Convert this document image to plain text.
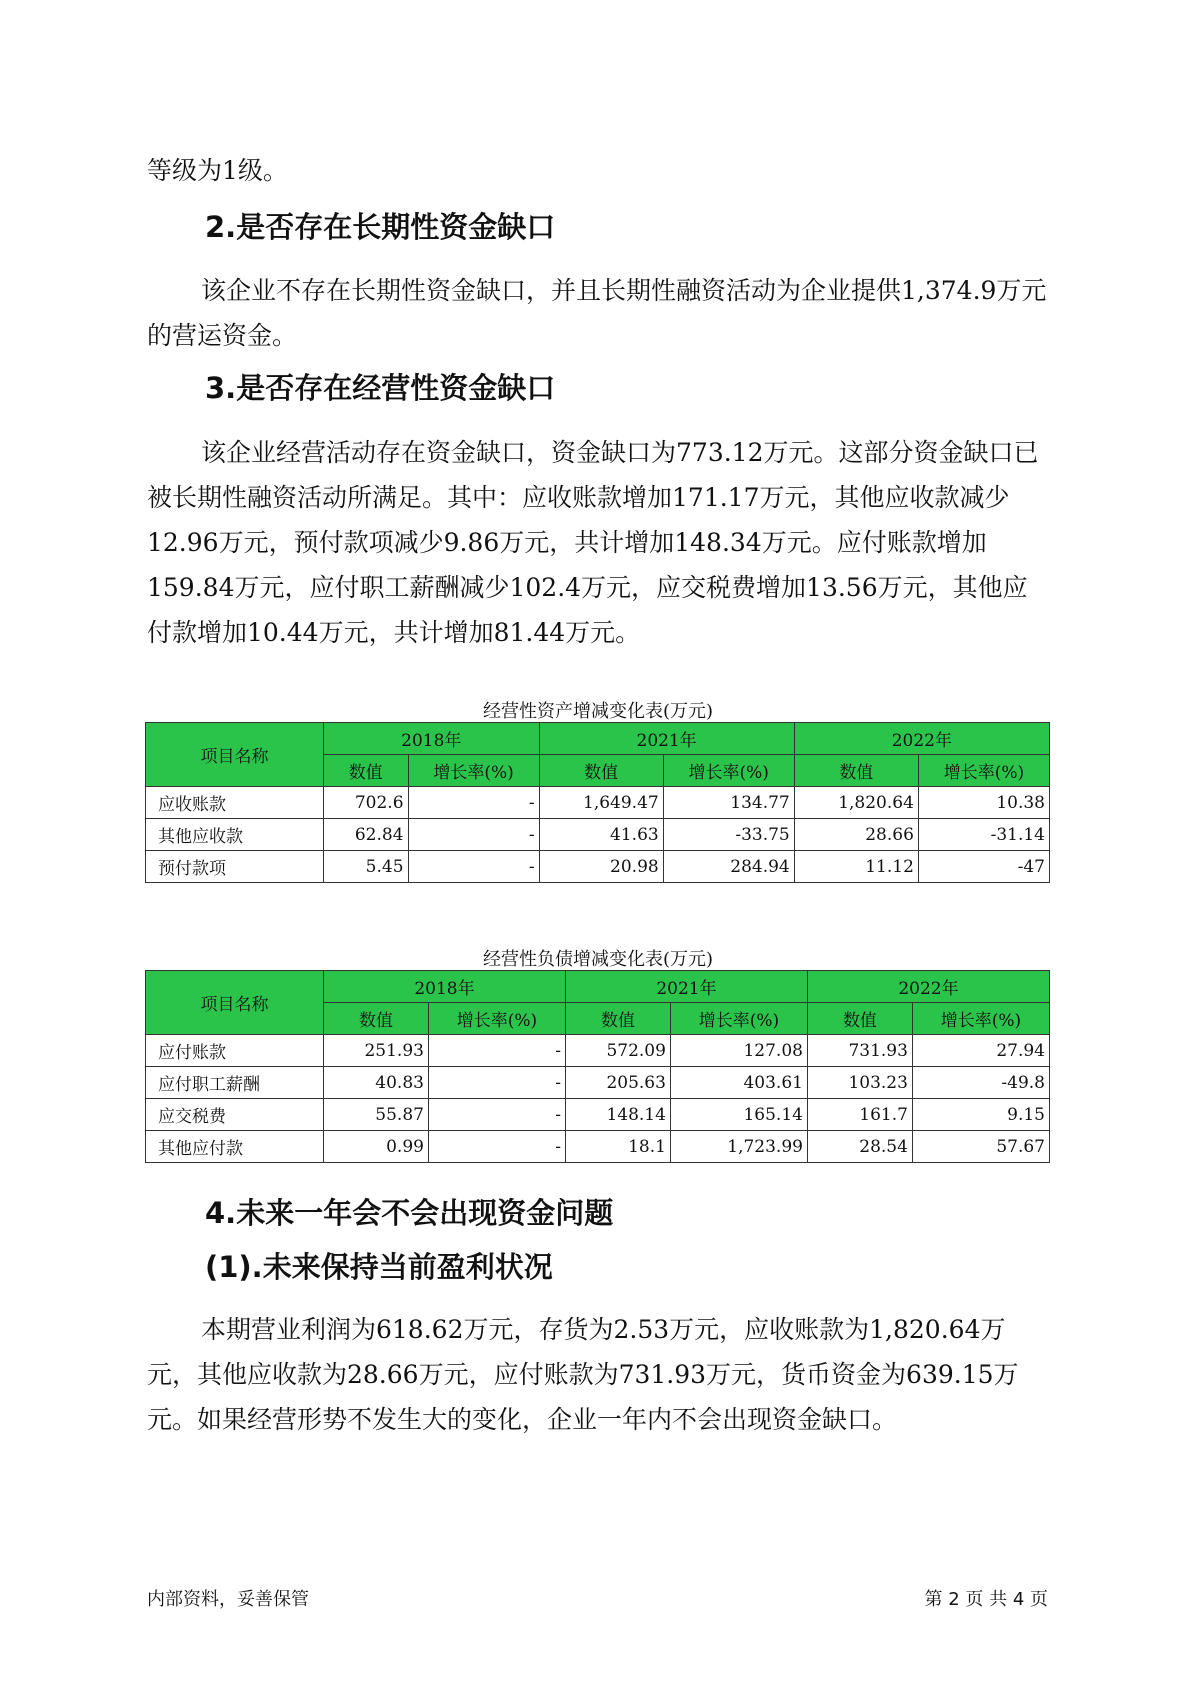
等级为1级。

2.是否存在长期性资金缺口

该企业不存在长期性资金缺口，并且长期性融资活动为企业提供1,374.9万元的营运资金。

3.是否存在经营性资金缺口

该企业经营活动存在资金缺口，资金缺口为773.12万元。这部分资金缺口已被长期性融资活动所满足。其中：应收账款增加171.17万元，其他应收款减少12.96万元，预付款项减少9.86万元，共计增加148.34万元。应付账款增加159.84万元，应付职工薪酬减少102.4万元，应交税费增加13.56万元，其他应付款增加10.44万元，共计增加81.44万元。

经营性资产增减变化表(万元)

项目名称	2018年		2021年		2022年	
	数值	增长率(%)	数值	增长率(%)	数值	增长率(%)
应收账款	702.6	-	1,649.47	134.77	1,820.64	10.38
其他应收款	62.84	-	41.63	-33.75	28.66	-31.14
预付款项	5.45	-	20.98	284.94	11.12	-47

经营性负债增减变化表(万元)

项目名称	2018年		2021年		2022年	
	数值	增长率(%)	数值	增长率(%)	数值	增长率(%)
应付账款	251.93	-	572.09	127.08	731.93	27.94
应付职工薪酬	40.83	-	205.63	403.61	103.23	-49.8
应交税费	55.87	-	148.14	165.14	161.7	9.15
其他应付款	0.99	-	18.1	1,723.99	28.54	57.67
4.未来一年会不会出现资金问题
(1).未来保持当前盈利状况

本期营业利润为618.62万元，存货为2.53万元，应收账款为1,820.64万元，其他应收款为28.66万元，应付账款为731.93万元，货币资金为639.15万元。如果经营形势不发生大的变化，企业一年内不会出现资金缺口。

内部资料，妥善保管	第 2 页 共 4 页
